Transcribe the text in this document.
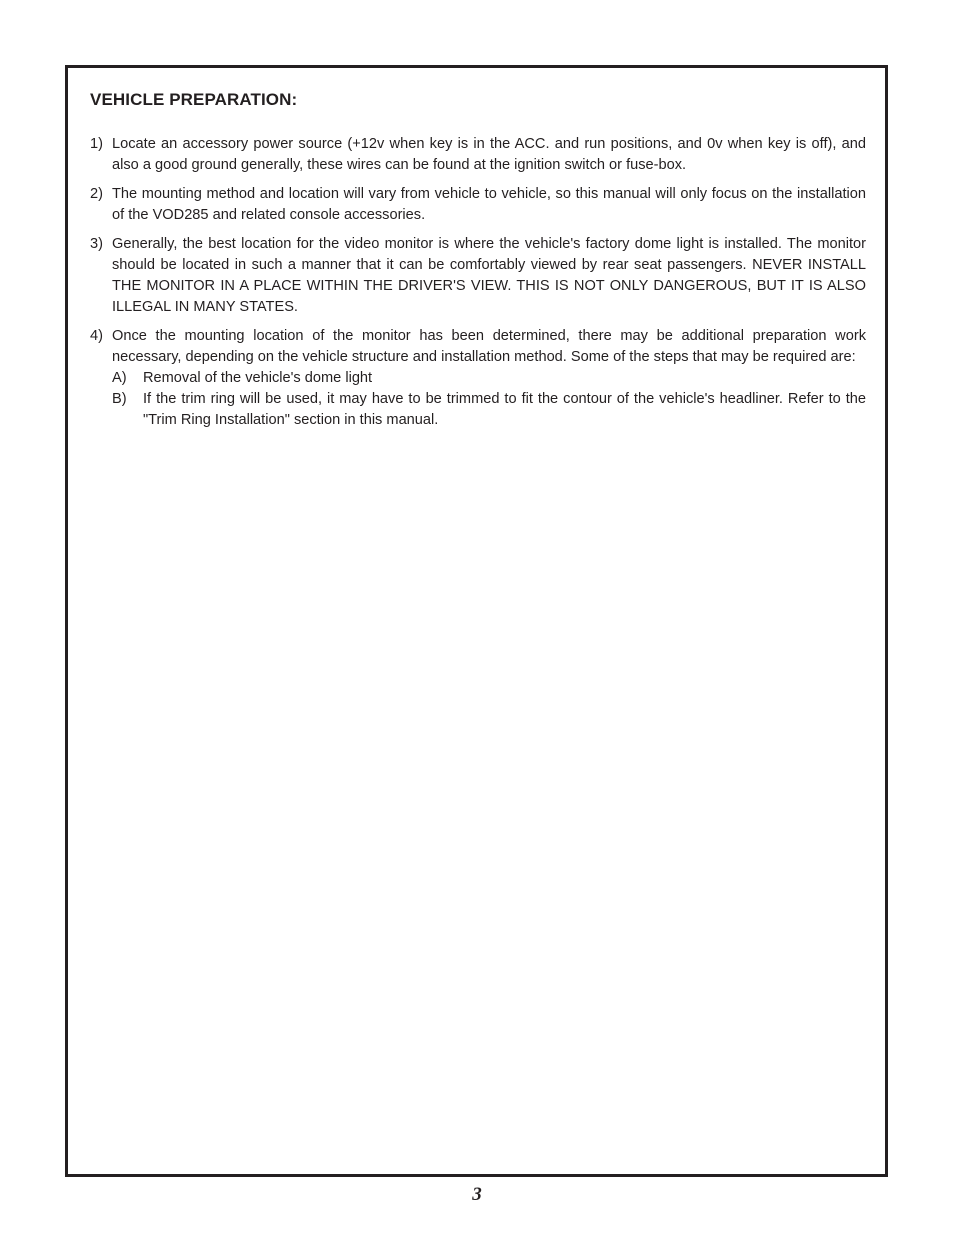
VEHICLE PREPARATION:
1) Locate an accessory power source (+12v when key is in the ACC. and run positions, and 0v when key is off), and also a good ground generally, these wires can be found at the ignition switch or fuse-box.
2) The mounting method and location will vary from vehicle to vehicle, so this manual will only focus on the installation of the VOD285 and related console accessories.
3) Generally, the best location for the video monitor is where the vehicle's factory dome light is installed. The monitor should be located in such a manner that it can be comfortably viewed by rear seat passengers. NEVER INSTALL THE MONITOR IN A PLACE WITHIN THE DRIVER'S VIEW. THIS IS NOT ONLY DANGEROUS, BUT IT IS ALSO ILLEGAL IN MANY STATES.
4) Once the mounting location of the monitor has been determined, there may be additional preparation work necessary, depending on the vehicle structure and installation method. Some of the steps that may be required are:
A)	Removal of the vehicle's dome light
B)	If the trim ring will be used, it may have to be trimmed to fit the contour of the vehicle's headliner. Refer to the "Trim Ring Installation" section in this manual.
3
